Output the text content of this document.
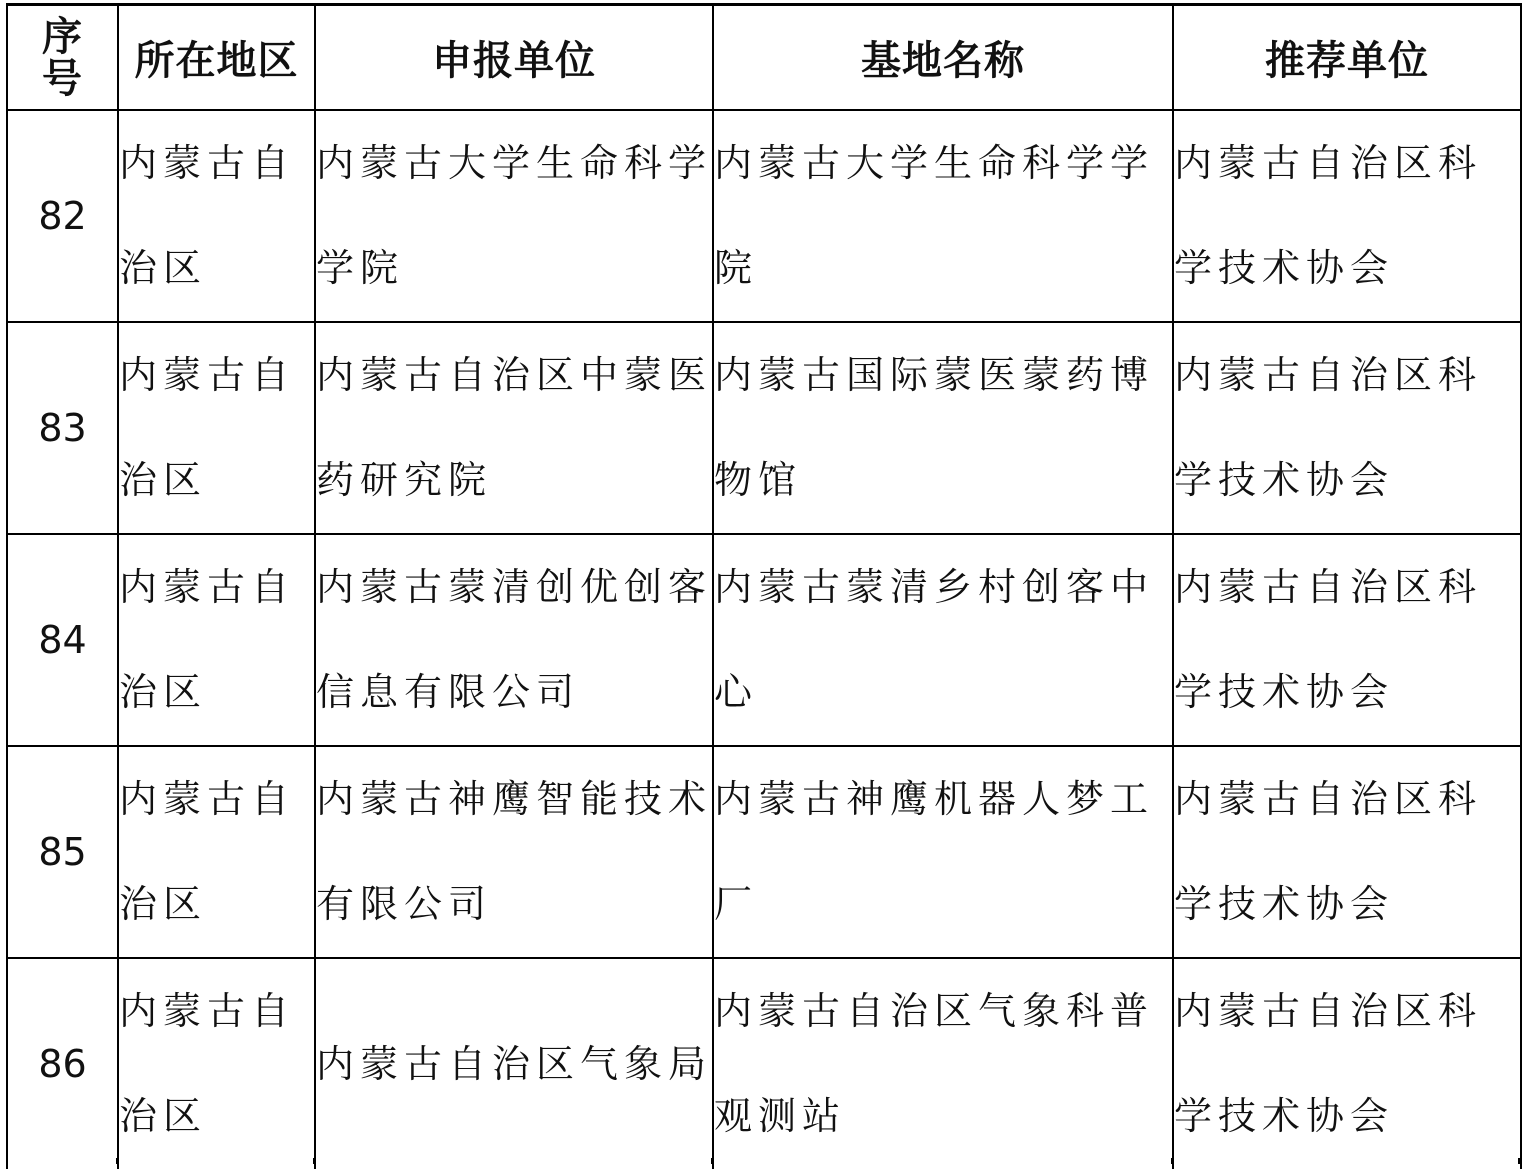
序
号	所在地区	申报单位	基地名称	推荐单位
82	内蒙古自治区	内蒙古大学生命科学学院	内蒙古大学生命科学学院	内蒙古自治区科学技术协会
83	内蒙古自治区	内蒙古自治区中蒙医药研究院	内蒙古国际蒙医蒙药博物馆	内蒙古自治区科学技术协会
84	内蒙古自治区	内蒙古蒙清创优创客信息有限公司	内蒙古蒙清乡村创客中心	内蒙古自治区科学技术协会
85	内蒙古自治区	内蒙古神鹰智能技术有限公司	内蒙古神鹰机器人梦工厂	内蒙古自治区科学技术协会
86	内蒙古自治区	内蒙古自治区气象局	内蒙古自治区气象科普观测站	内蒙古自治区科学技术协会
